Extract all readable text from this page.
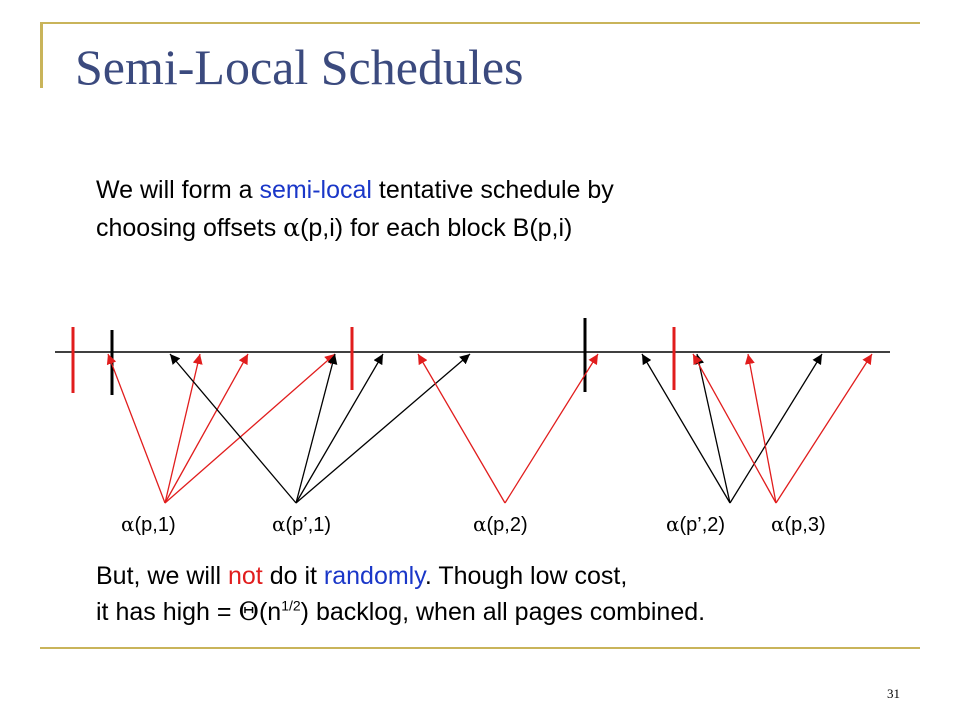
Semi-Local Schedules
We will form a semi-local tentative schedule by
choosing offsets α(p,i) for each block B(p,i)
α(p,1)	α(p’,1)	α(p,2)	α(p’,2) α(p,3)
But, we will not do it randomly. Though low cost,
it has high = $\Theta(n^{1/2})$ backlog, when all pages combined.
31
